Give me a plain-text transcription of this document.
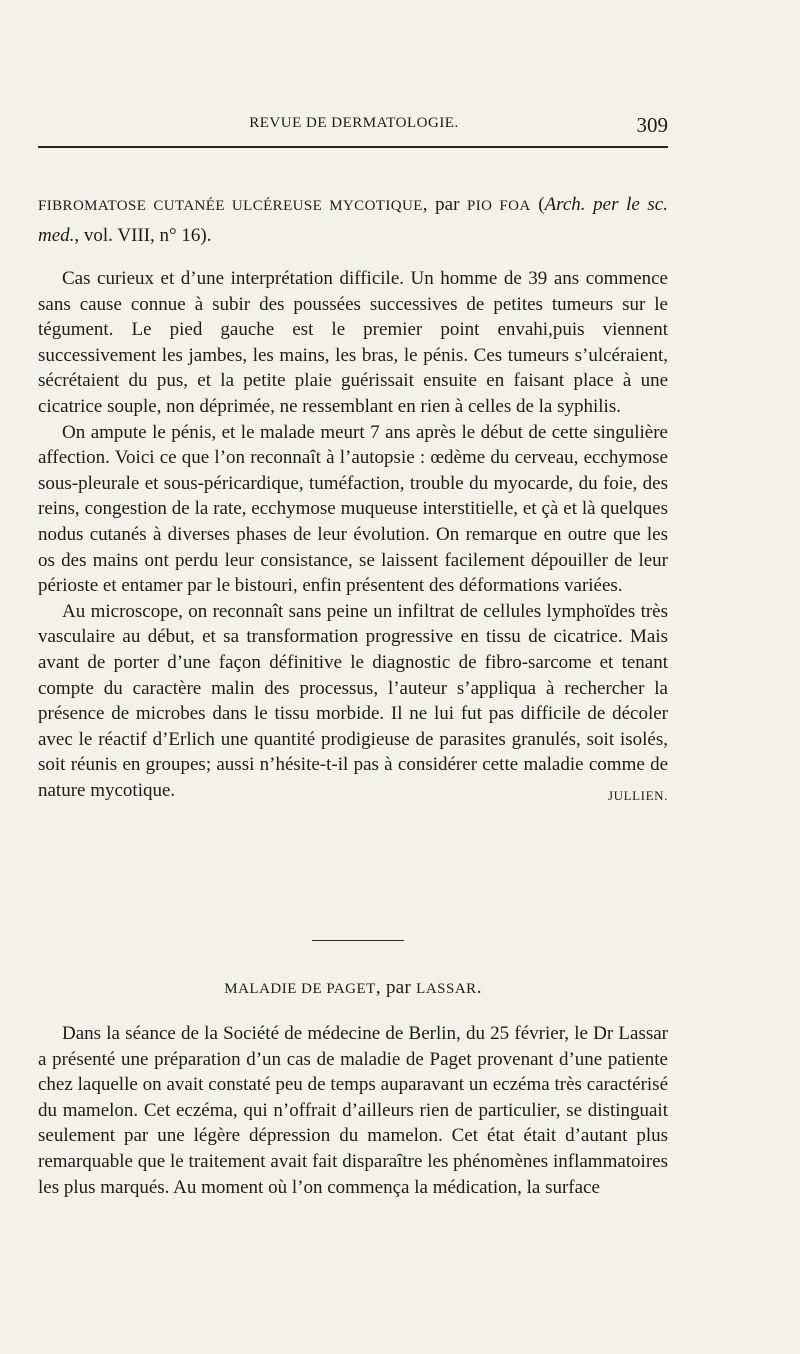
REVUE DE DERMATOLOGIE.	309
FIBROMATOSE CUTANÉE ULCÉREUSE MYCOTIQUE, par PIO FOA (Arch. per le sc. med., vol. VIII, n° 16).

Cas curieux et d’une interprétation difficile. Un homme de 39 ans commence sans cause connue à subir des poussées successives de petites tumeurs sur le tégument. Le pied gauche est le premier point envahi,puis viennent successivement les jambes, les mains, les bras, le pénis. Ces tumeurs s’ulcéraient, sécrétaient du pus, et la petite plaie guérissait ensuite en faisant place à une cicatrice souple, non déprimée, ne ressemblant en rien à celles de la syphilis.

On ampute le pénis, et le malade meurt 7 ans après le début de cette singulière affection. Voici ce que l’on reconnaît à l’autopsie : œdème du cerveau, ecchymose sous-pleurale et sous-péricardique, tuméfaction, trouble du myocarde, du foie, des reins, congestion de la rate, ecchymose muqueuse interstitielle, et çà et là quelques nodus cutanés à diverses phases de leur évolution. On remarque en outre que les os des mains ont perdu leur consistance, se laissent facilement dépouiller de leur périoste et entamer par le bistouri, enfin présentent des déformations variées.

Au microscope, on reconnaît sans peine un infiltrat de cellules lymphoïdes très vasculaire au début, et sa transformation progressive en tissu de cicatrice. Mais avant de porter d’une façon définitive le diagnostic de fibro-sarcome et tenant compte du caractère malin des processus, l’auteur s’appliqua à rechercher la présence de microbes dans le tissu morbide. Il ne lui fut pas difficile de décoler avec le réactif d’Erlich une quantité prodigieuse de parasites granulés, soit isolés, soit réunis en groupes; aussi n’hésite-t-il pas à considérer cette maladie comme de nature mycotique.	JULLIEN.

MALADIE DE PAGET, par LASSAR.

Dans la séance de la Société de médecine de Berlin, du 25 février, le Dr Lassar a présenté une préparation d’un cas de maladie de Paget provenant d’une patiente chez laquelle on avait constaté peu de temps auparavant un eczéma très caractérisé du mamelon. Cet eczéma, qui n’offrait d’ailleurs rien de particulier, se distinguait seulement par une légère dépression du mamelon. Cet état était d’autant plus remarquable que le traitement avait fait disparaître les phénomènes inflammatoires les plus marqués. Au moment où l’on commença la médication, la surface
